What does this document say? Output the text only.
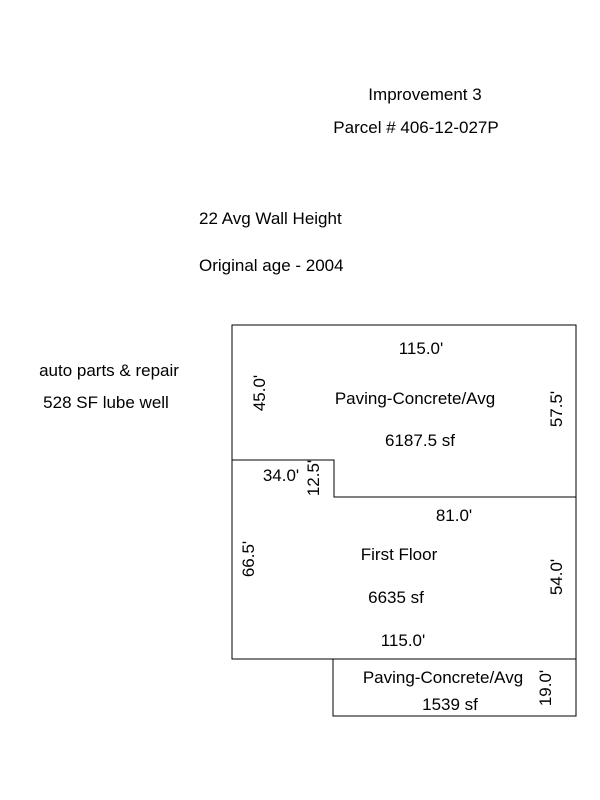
Improvement 3
Parcel # 406-12-027P
22 Avg Wall Height
Original age - 2004
auto parts & repair
528 SF lube well
115.0'
45.0'	57.5'
Paving-Concrete/Avg
6187.5 sf
34.0' 12.5'
81.0'
66.5'	54.0'
First Floor
6635 sf
115.0'
Paving-Concrete/Avg
1539 sf	19.0'
